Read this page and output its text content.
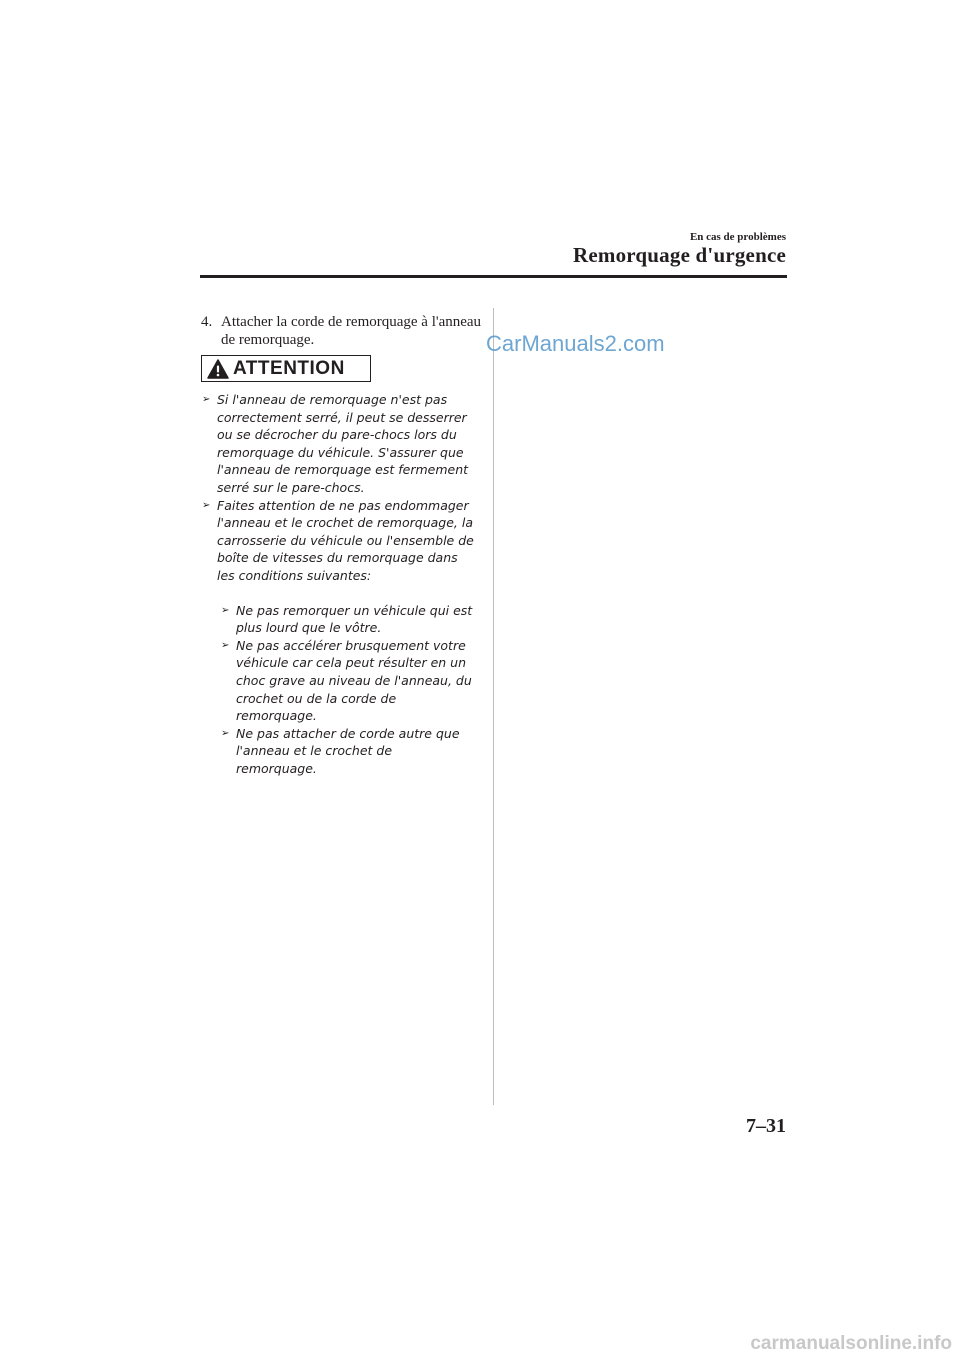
En cas de problèmes
Remorquage d'urgence
4. Attacher la corde de remorquage à l'anneau de remorquage.
ATTENTION
➢ Si l'anneau de remorquage n'est pas correctement serré, il peut se desserrer ou se décrocher du pare-chocs lors du remorquage du véhicule. S'assurer que l'anneau de remorquage est fermement serré sur le pare-chocs.
➢ Faites attention de ne pas endommager l'anneau et le crochet de remorquage, la carrosserie du véhicule ou l'ensemble de boîte de vitesses du remorquage dans les conditions suivantes:
➢ Ne pas remorquer un véhicule qui est plus lourd que le vôtre.
➢ Ne pas accélérer brusquement votre véhicule car cela peut résulter en un choc grave au niveau de l'anneau, du crochet ou de la corde de remorquage.
➢ Ne pas attacher de corde autre que l'anneau et le crochet de remorquage.
CarManuals2.com
7–31
carmanualsonline.info
